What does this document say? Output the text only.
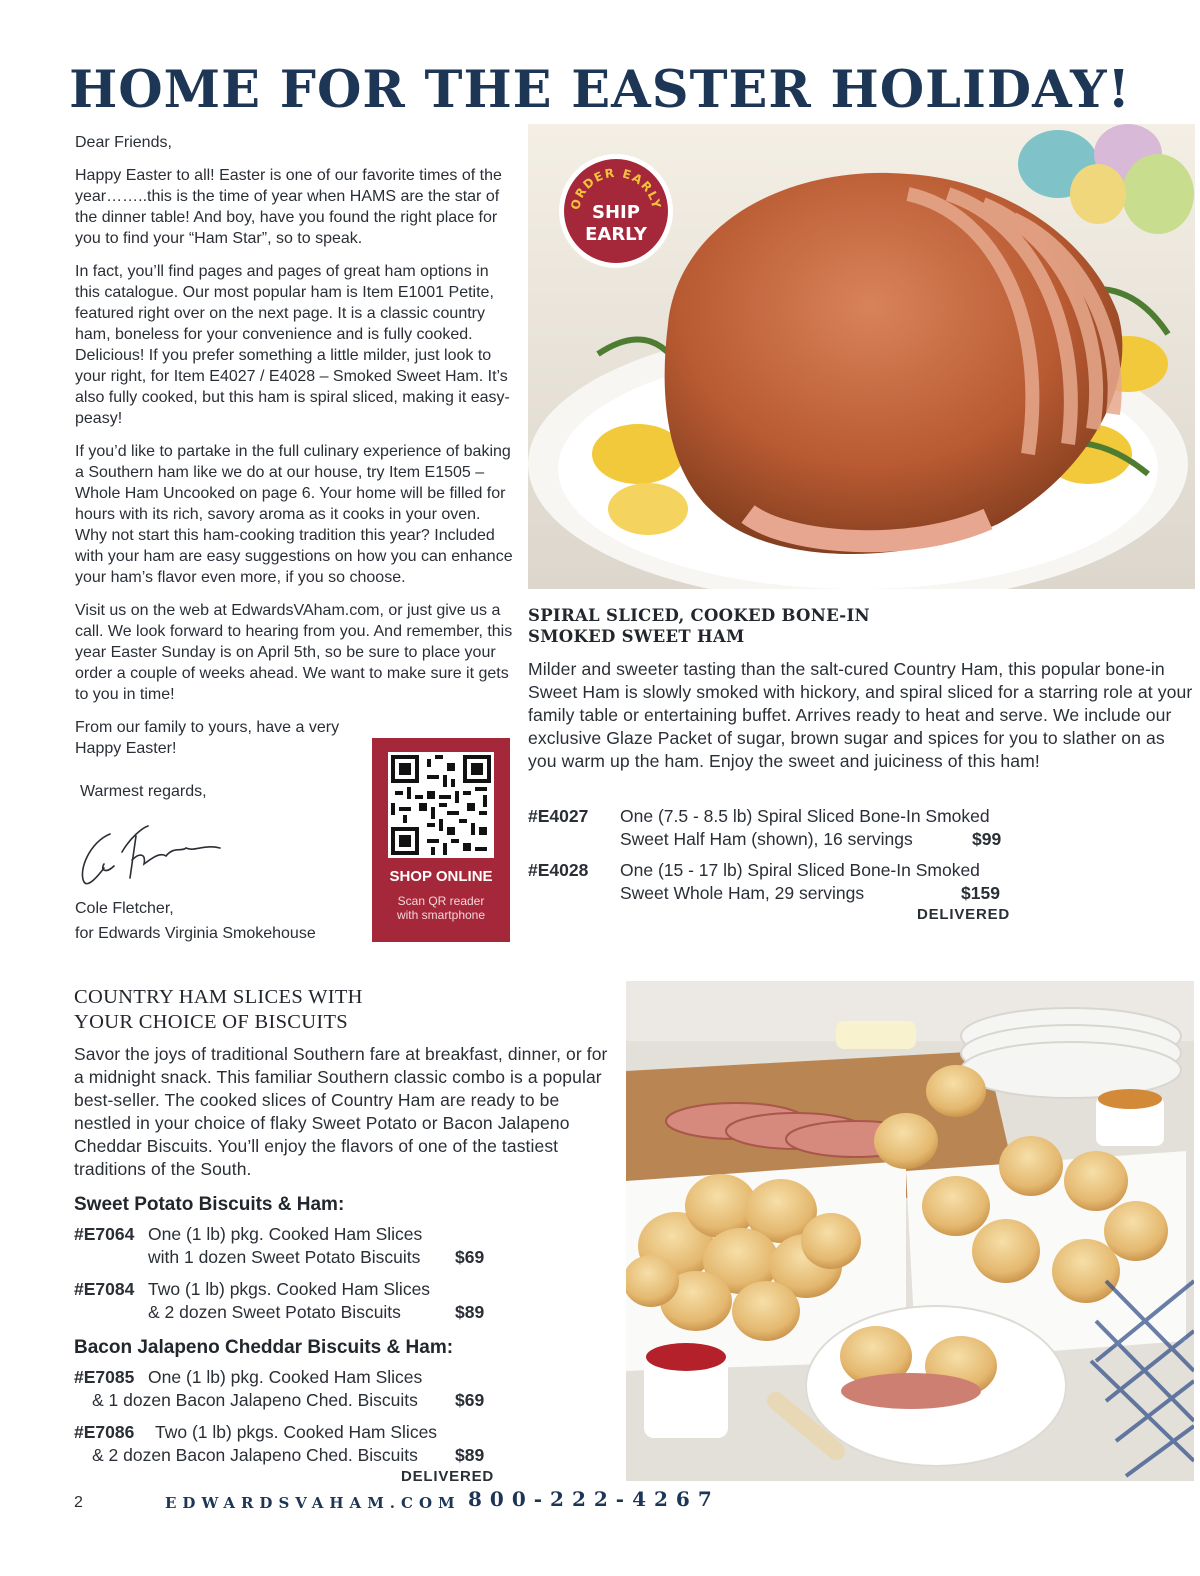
HOME FOR THE EASTER HOLIDAY!

Dear Friends,

Happy Easter to all! Easter is one of our favorite times of the year……..this is the time of year when HAMS are the star of the dinner table! And boy, have you found the right place for you to find your “Ham Star”, so to speak.

In fact, you’ll find pages and pages of great ham options in this catalogue. Our most popular ham is Item E1001 Petite, featured right over on the next page. It is a classic country ham, boneless for your convenience and is fully cooked. Delicious! If you prefer something a little milder, just look to your right, for Item E4027 / E4028 – Smoked Sweet Ham. It’s also fully cooked, but this ham is spiral sliced, making it easy-peasy!

If you’d like to partake in the full culinary experience of baking a Southern ham like we do at our house, try Item E1505 – Whole Ham Uncooked on page 6. Your home will be filled for hours with its rich, savory aroma as it cooks in your oven. Why not start this ham-cooking tradition this year? Included with your ham are easy suggestions on how you can enhance your ham’s flavor even more, if you so choose.

Visit us on the web at EdwardsVAham.com, or just give us a call. We look forward to hearing from you. And remember, this year Easter Sunday is on April 5th, so be sure to place your order a couple of weeks ahead. We want to make sure it gets to you in time!

From our family to yours, have a very Happy Easter!

Warmest regards,

Cole Fletcher,
for Edwards Virginia Smokehouse
SHOP ONLINE
Scan QR reader
with smartphone
ORDER EARLY
SHIP
EARLY
SPIRAL SLICED, COOKED BONE-IN
SMOKED SWEET HAM
Milder and sweeter tasting than the salt-cured Country Ham, this popular bone-in Sweet Ham is slowly smoked with hickory, and spiral sliced for a starring role at your family table or entertaining buffet. Arrives ready to heat and serve. We include our exclusive Glaze Packet of sugar, brown sugar and spices for you to slather on as you warm up the ham. Enjoy the sweet and juiciness of this ham!
#E4027 One (7.5 - 8.5 lb) Spiral Sliced Bone-In Smoked
Sweet Half Ham (shown), 16 servings	$99
#E4028 One (15 - 17 lb) Spiral Sliced Bone-In Smoked
Sweet Whole Ham, 29 servings	$159
DELIVERED
COUNTRY HAM SLICES WITH
YOUR CHOICE OF BISCUITS
Savor the joys of traditional Southern fare at breakfast, dinner, or for a midnight snack. This familiar Southern classic combo is a popular best-seller. The cooked slices of Country Ham are ready to be nestled in your choice of flaky Sweet Potato or Bacon Jalapeno Cheddar Biscuits. You’ll enjoy the flavors of one of the tastiest traditions of the South.
Sweet Potato Biscuits & Ham:
#E7064 One (1 lb) pkg. Cooked Ham Slices
with 1 dozen Sweet Potato Biscuits $69
#E7084 Two (1 lb) pkgs. Cooked Ham Slices
& 2 dozen Sweet Potato Biscuits	$89
Bacon Jalapeno Cheddar Biscuits & Ham:
#E7085 One (1 lb) pkg. Cooked Ham Slices
& 1 dozen Bacon Jalapeno Ched. Biscuits $69
#E7086 Two (1 lb) pkgs. Cooked Ham Slices
& 2 dozen Bacon Jalapeno Ched. Biscuits $89
DELIVERED
2	EDWARDSVAHAM.COM 800-222-4267
